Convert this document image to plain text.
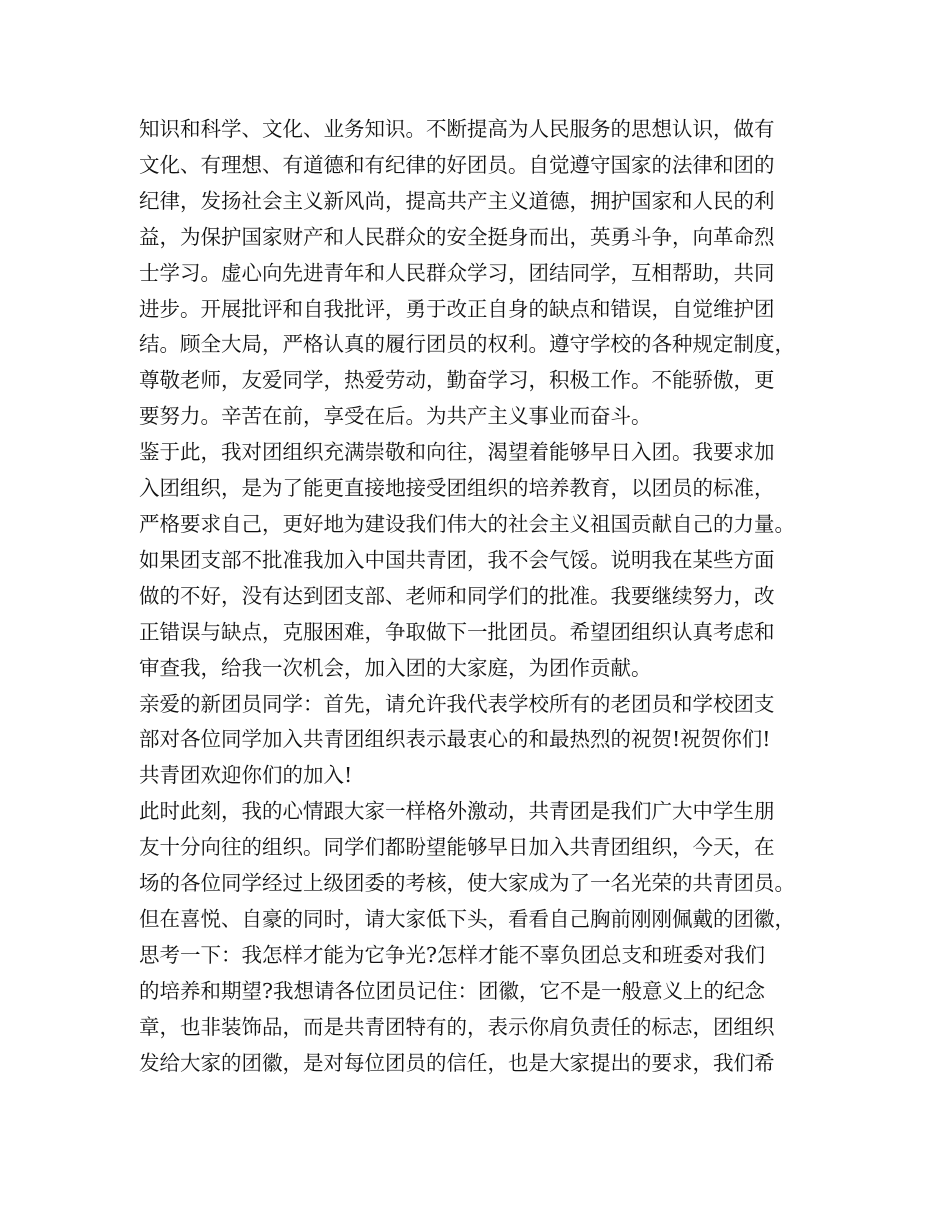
知识和科学、文化、业务知识。不断提高为人民服务的思想认识，做有
文化、有理想、有道德和有纪律的好团员。自觉遵守国家的法律和团的
纪律，发扬社会主义新风尚，提高共产主义道德，拥护国家和人民的利
益，为保护国家财产和人民群众的安全挺身而出，英勇斗争，向革命烈
士学习。虚心向先进青年和人民群众学习，团结同学，互相帮助，共同
进步。开展批评和自我批评，勇于改正自身的缺点和错误，自觉维护团
结。顾全大局，严格认真的履行团员的权利。遵守学校的各种规定制度，
尊敬老师，友爱同学，热爱劳动，勤奋学习，积极工作。不能骄傲，更
要努力。辛苦在前，享受在后。为共产主义事业而奋斗。

鉴于此，我对团组织充满崇敬和向往，渴望着能够早日入团。我要求加
入团组织，是为了能更直接地接受团组织的培养教育，以团员的标准，
严格要求自己，更好地为建设我们伟大的社会主义祖国贡献自己的力量。
如果团支部不批准我加入中国共青团，我不会气馁。说明我在某些方面
做的不好，没有达到团支部、老师和同学们的批准。我要继续努力，改
正错误与缺点，克服困难，争取做下一批团员。希望团组织认真考虑和
审查我，给我一次机会，加入团的大家庭，为团作贡献。

亲爱的新团员同学：首先，请允许我代表学校所有的老团员和学校团支
部对各位同学加入共青团组织表示最衷心的和最热烈的祝贺!祝贺你们!
共青团欢迎你们的加入!

此时此刻，我的心情跟大家一样格外激动，共青团是我们广大中学生朋
友十分向往的组织。同学们都盼望能够早日加入共青团组织，今天，在
场的各位同学经过上级团委的考核，使大家成为了一名光荣的共青团员。
但在喜悦、自豪的同时，请大家低下头，看看自己胸前刚刚佩戴的团徽，
思考一下：我怎样才能为它争光?怎样才能不辜负团总支和班委对我们
的培养和期望?我想请各位团员记住：团徽，它不是一般意义上的纪念
章，也非装饰品，而是共青团特有的，表示你肩负责任的标志，团组织
发给大家的团徽，是对每位团员的信任，也是大家提出的要求，我们希
